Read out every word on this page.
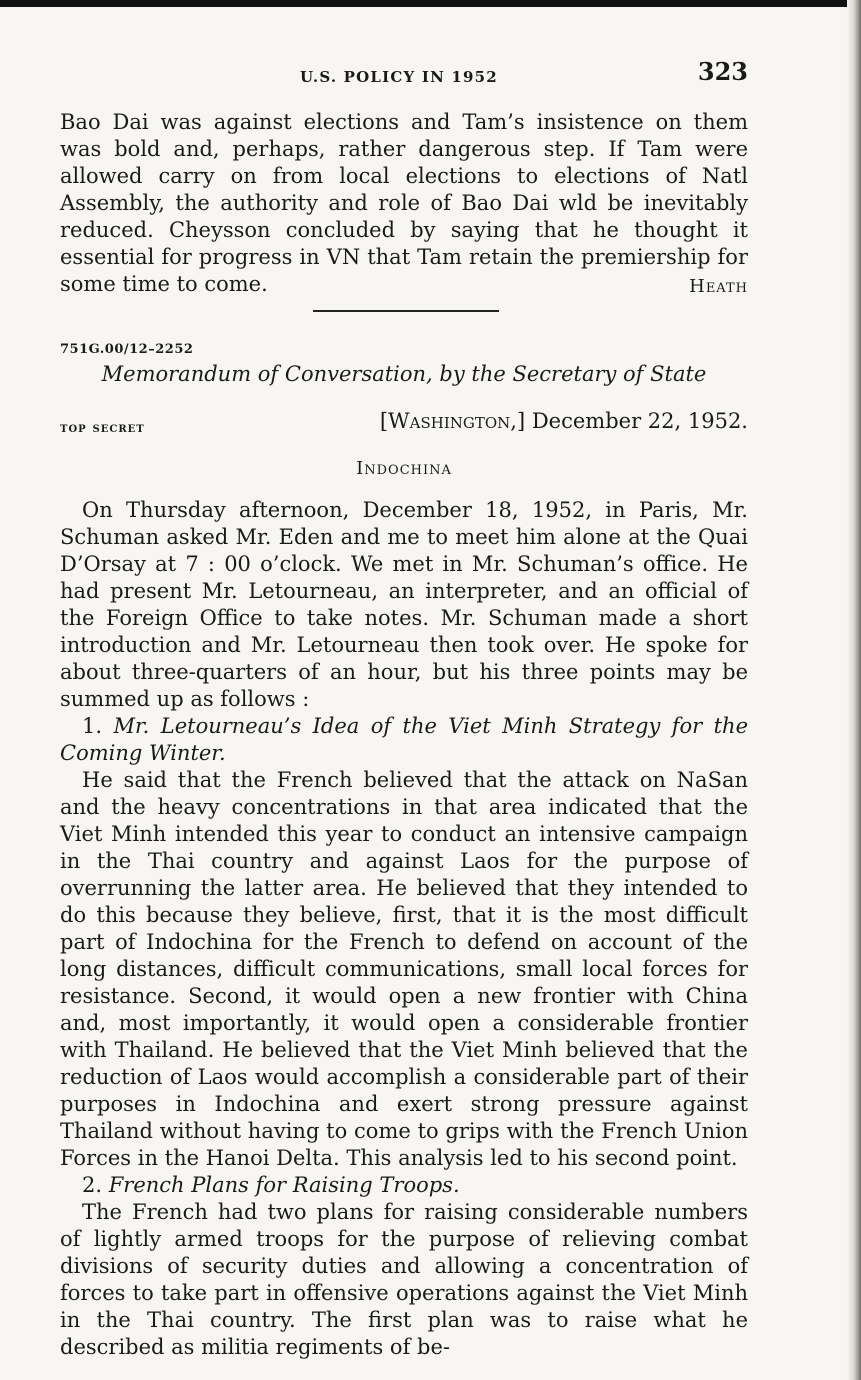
U.S. POLICY IN 1952	323

Bao Dai was against elections and Tam’s insistence on them was bold and, perhaps, rather dangerous step. If Tam were allowed carry on from local elections to elections of Natl Assembly, the authority and role of Bao Dai wld be inevitably reduced. Cheysson concluded by saying that he thought it essential for progress in VN that Tam retain the premiership for some time to come.	Heath
751G.00/12–2252
Memorandum of Conversation, by the Secretary of State
top secret	[Washington,] December 22, 1952.
Indochina

On Thursday afternoon, December 18, 1952, in Paris, Mr. Schuman asked Mr. Eden and me to meet him alone at the Quai D’Orsay at 7 : 00 o’clock. We met in Mr. Schuman’s office. He had present Mr. Letourneau, an interpreter, and an official of the Foreign Office to take notes. Mr. Schuman made a short introduction and Mr. Letourneau then took over. He spoke for about three-quarters of an hour, but his three points may be summed up as follows :

1. Mr. Letourneau’s Idea of the Viet Minh Strategy for the Coming Winter.

He said that the French believed that the attack on NaSan and the heavy concentrations in that area indicated that the Viet Minh intended this year to conduct an intensive campaign in the Thai country and against Laos for the purpose of overrunning the latter area. He believed that they intended to do this because they believe, first, that it is the most difficult part of Indochina for the French to defend on account of the long distances, difficult communications, small local forces for resistance. Second, it would open a new frontier with China and, most importantly, it would open a considerable frontier with Thailand. He believed that the Viet Minh believed that the reduction of Laos would accomplish a considerable part of their purposes in Indochina and exert strong pressure against Thailand without having to come to grips with the French Union Forces in the Hanoi Delta. This analysis led to his second point.

2. French Plans for Raising Troops.

The French had two plans for raising considerable numbers of lightly armed troops for the purpose of relieving combat divisions of security duties and allowing a concentration of forces to take part in offensive operations against the Viet Minh in the Thai country. The first plan was to raise what he described as militia regiments of be-
